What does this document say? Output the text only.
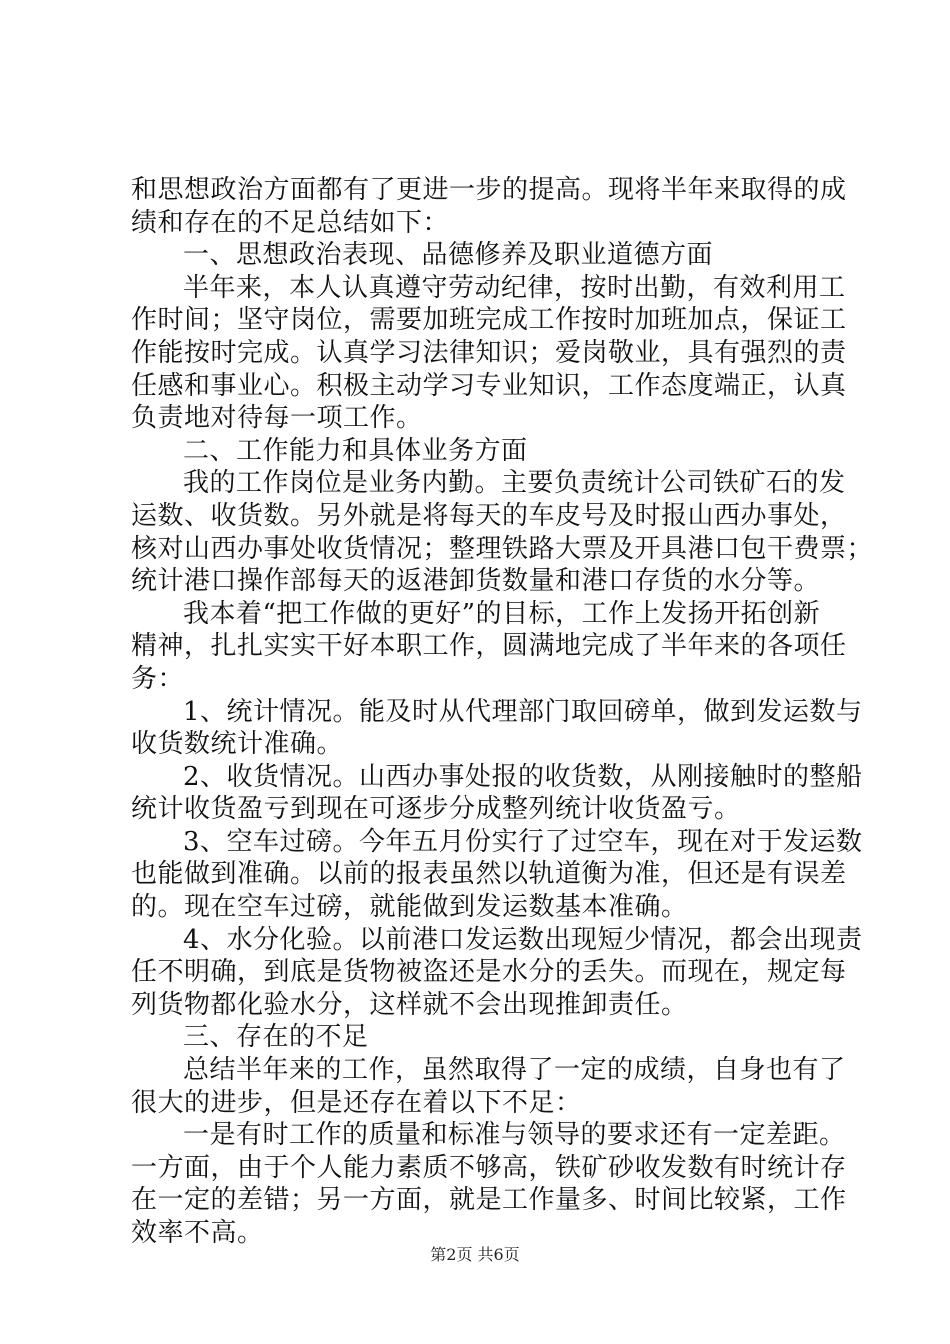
和思想政治方面都有了更进一步的提高。现将半年来取得的成
绩和存在的不足总结如下：
一、思想政治表现、品德修养及职业道德方面
半年来，本人认真遵守劳动纪律，按时出勤，有效利用工
作时间；坚守岗位，需要加班完成工作按时加班加点，保证工
作能按时完成。认真学习法律知识；爱岗敬业，具有强烈的责
任感和事业心。积极主动学习专业知识，工作态度端正，认真
负责地对待每一项工作。
二、工作能力和具体业务方面
我的工作岗位是业务内勤。主要负责统计公司铁矿石的发
运数、收货数。另外就是将每天的车皮号及时报山西办事处，
核对山西办事处收货情况；整理铁路大票及开具港口包干费票；
统计港口操作部每天的返港卸货数量和港口存货的水分等。
我本着“把工作做的更好”的目标，工作上发扬开拓创新
精神，扎扎实实干好本职工作，圆满地完成了半年来的各项任
务：
1、统计情况。能及时从代理部门取回磅单，做到发运数与
收货数统计准确。
2、收货情况。山西办事处报的收货数，从刚接触时的整船
统计收货盈亏到现在可逐步分成整列统计收货盈亏。
3、空车过磅。今年五月份实行了过空车，现在对于发运数
也能做到准确。以前的报表虽然以轨道衡为准，但还是有误差
的。现在空车过磅，就能做到发运数基本准确。
4、水分化验。以前港口发运数出现短少情况，都会出现责
任不明确，到底是货物被盗还是水分的丢失。而现在，规定每
列货物都化验水分，这样就不会出现推卸责任。
三、存在的不足
总结半年来的工作，虽然取得了一定的成绩，自身也有了
很大的进步，但是还存在着以下不足：
一是有时工作的质量和标准与领导的要求还有一定差距。
一方面，由于个人能力素质不够高，铁矿砂收发数有时统计存
在一定的差错；另一方面，就是工作量多、时间比较紧，工作
效率不高。
第2页 共6页
